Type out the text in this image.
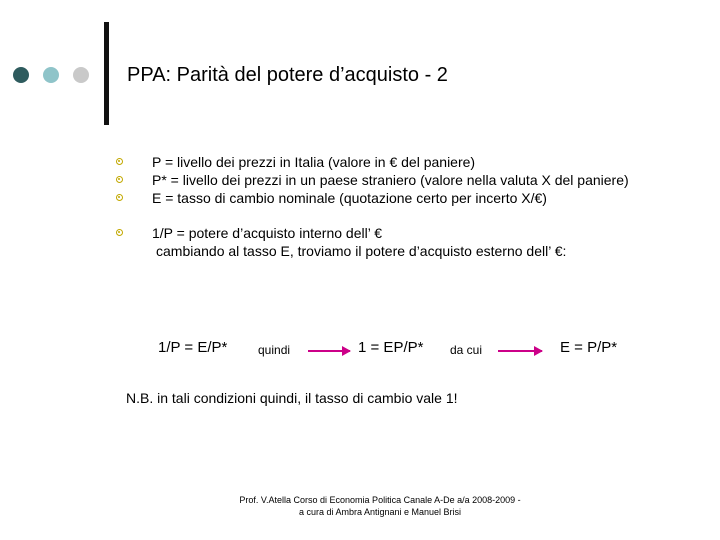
PPA: Parità del potere d’acquisto - 2
P = livello dei prezzi in Italia (valore in € del paniere)
P* = livello dei prezzi in un paese straniero (valore nella valuta X del paniere)
E = tasso di cambio nominale (quotazione certo per incerto X/€)
1/P = potere d’acquisto interno dell’ €
cambiando al tasso E, troviamo il potere d’acquisto esterno dell’ €:
1/P = E/P*	quindi	1 = EP/P* da cui	E = P/P*
N.B. in tali condizioni quindi, il tasso di cambio vale 1!
Prof. V.Atella Corso di Economia Politica Canale A-De a/a 2008-2009 -
a cura di Ambra Antignani e Manuel Brisi
